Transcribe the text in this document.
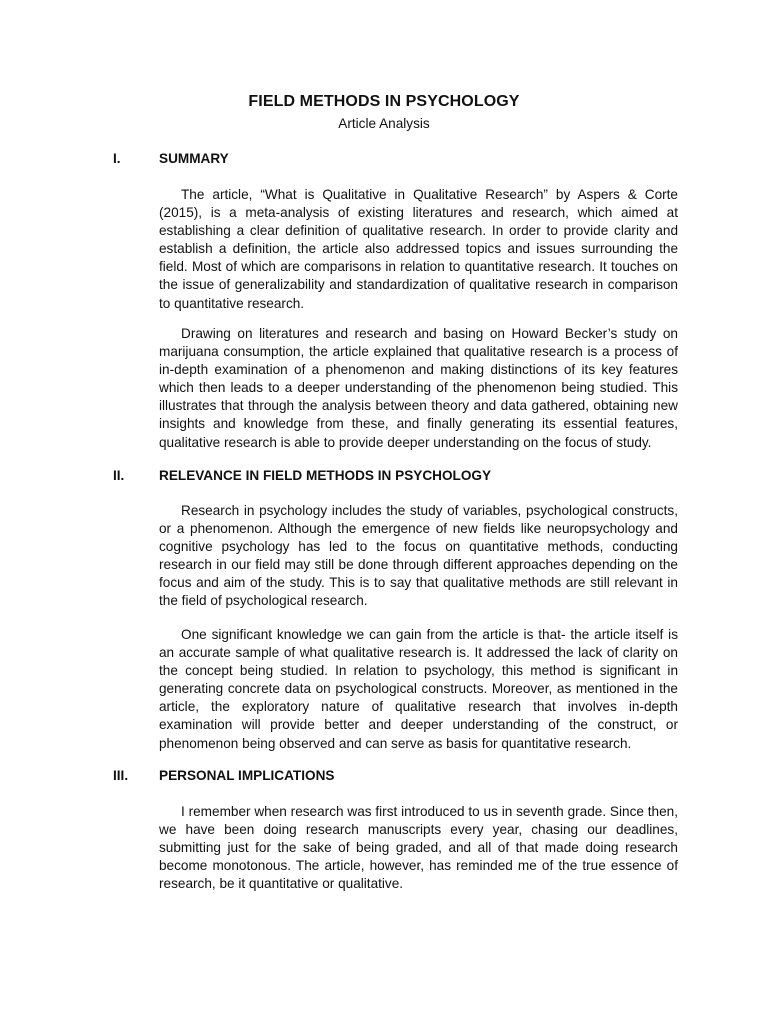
FIELD METHODS IN PSYCHOLOGY
Article Analysis
I.	SUMMARY

The article, “What is Qualitative in Qualitative Research” by Aspers & Corte (2015), is a meta-analysis of existing literatures and research, which aimed at establishing a clear definition of qualitative research. In order to provide clarity and establish a definition, the article also addressed topics and issues surrounding the field. Most of which are comparisons in relation to quantitative research. It touches on the issue of generalizability and standardization of qualitative research in comparison to quantitative research.

Drawing on literatures and research and basing on Howard Becker’s study on marijuana consumption, the article explained that qualitative research is a process of in-depth examination of a phenomenon and making distinctions of its key features which then leads to a deeper understanding of the phenomenon being studied. This illustrates that through the analysis between theory and data gathered, obtaining new insights and knowledge from these, and finally generating its essential features, qualitative research is able to provide deeper understanding on the focus of study.

II.	RELEVANCE IN FIELD METHODS IN PSYCHOLOGY

Research in psychology includes the study of variables, psychological constructs, or a phenomenon. Although the emergence of new fields like neuropsychology and cognitive psychology has led to the focus on quantitative methods, conducting research in our field may still be done through different approaches depending on the focus and aim of the study. This is to say that qualitative methods are still relevant in the field of psychological research.

One significant knowledge we can gain from the article is that- the article itself is an accurate sample of what qualitative research is. It addressed the lack of clarity on the concept being studied. In relation to psychology, this method is significant in generating concrete data on psychological constructs. Moreover, as mentioned in the article, the exploratory nature of qualitative research that involves in-depth examination will provide better and deeper understanding of the construct, or phenomenon being observed and can serve as basis for quantitative research.

III. PERSONAL IMPLICATIONS

I remember when research was first introduced to us in seventh grade. Since then, we have been doing research manuscripts every year, chasing our deadlines, submitting just for the sake of being graded, and all of that made doing research become monotonous. The article, however, has reminded me of the true essence of research, be it quantitative or qualitative.
